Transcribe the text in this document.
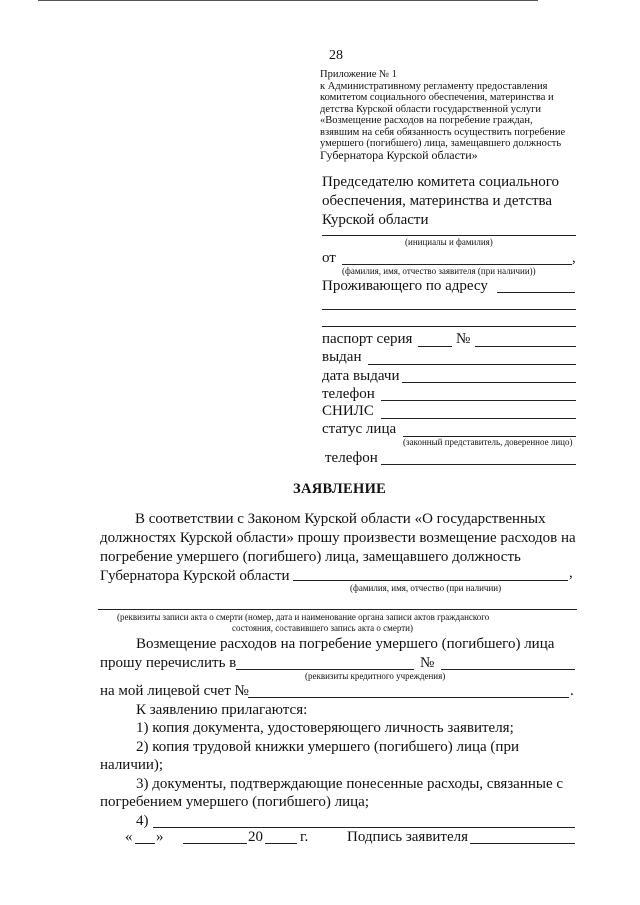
28
Приложение № 1
к Административному регламенту предоставления
комитетом социального обеспечения, материнства и
детства Курской области государственной услуги
«Возмещение расходов на погребение граждан,
взявшим на себя обязанность осуществить погребение
умершего (погибшего) лица, замещавшего должность
Губернатора Курской области»
Председателю комитета социального
обеспечения, материнства и детства
Курской области
(инициалы и фамилия)
от	,
(фамилия, имя, отчество заявителя (при наличии))
Проживающего по адресу
паспорт серия	№
выдан
дата выдачи
телефон
СНИЛС
статус лица
(законный представитель, доверенное лицо)
телефон
ЗАЯВЛЕНИЕ
В соответствии с Законом Курской области «О государственных
должностях Курской области» прошу произвести возмещение расходов на
погребение умершего (погибшего) лица, замещавшего должность
Губернатора Курской области	,
(фамилия, имя, отчество (при наличии)
(реквизиты записи акта о смерти (номер, дата и наименование органа записи актов гражданского
состояния, составившего запись акта о смерти)
Возмещение расходов на погребение умершего (погибшего) лица
прошу перечислить в	№
(реквизиты кредитного учреждения)
на мой лицевой счет №	.
К заявлению прилагаются:
1) копия документа, удостоверяющего личность заявителя;
2) копия трудовой книжки умершего (погибшего) лица (при
наличии);
3) документы, подтверждающие понесенные расходы, связанные с
погребением умершего (погибшего) лица;
4)
« »	20 г.	Подпись заявителя
